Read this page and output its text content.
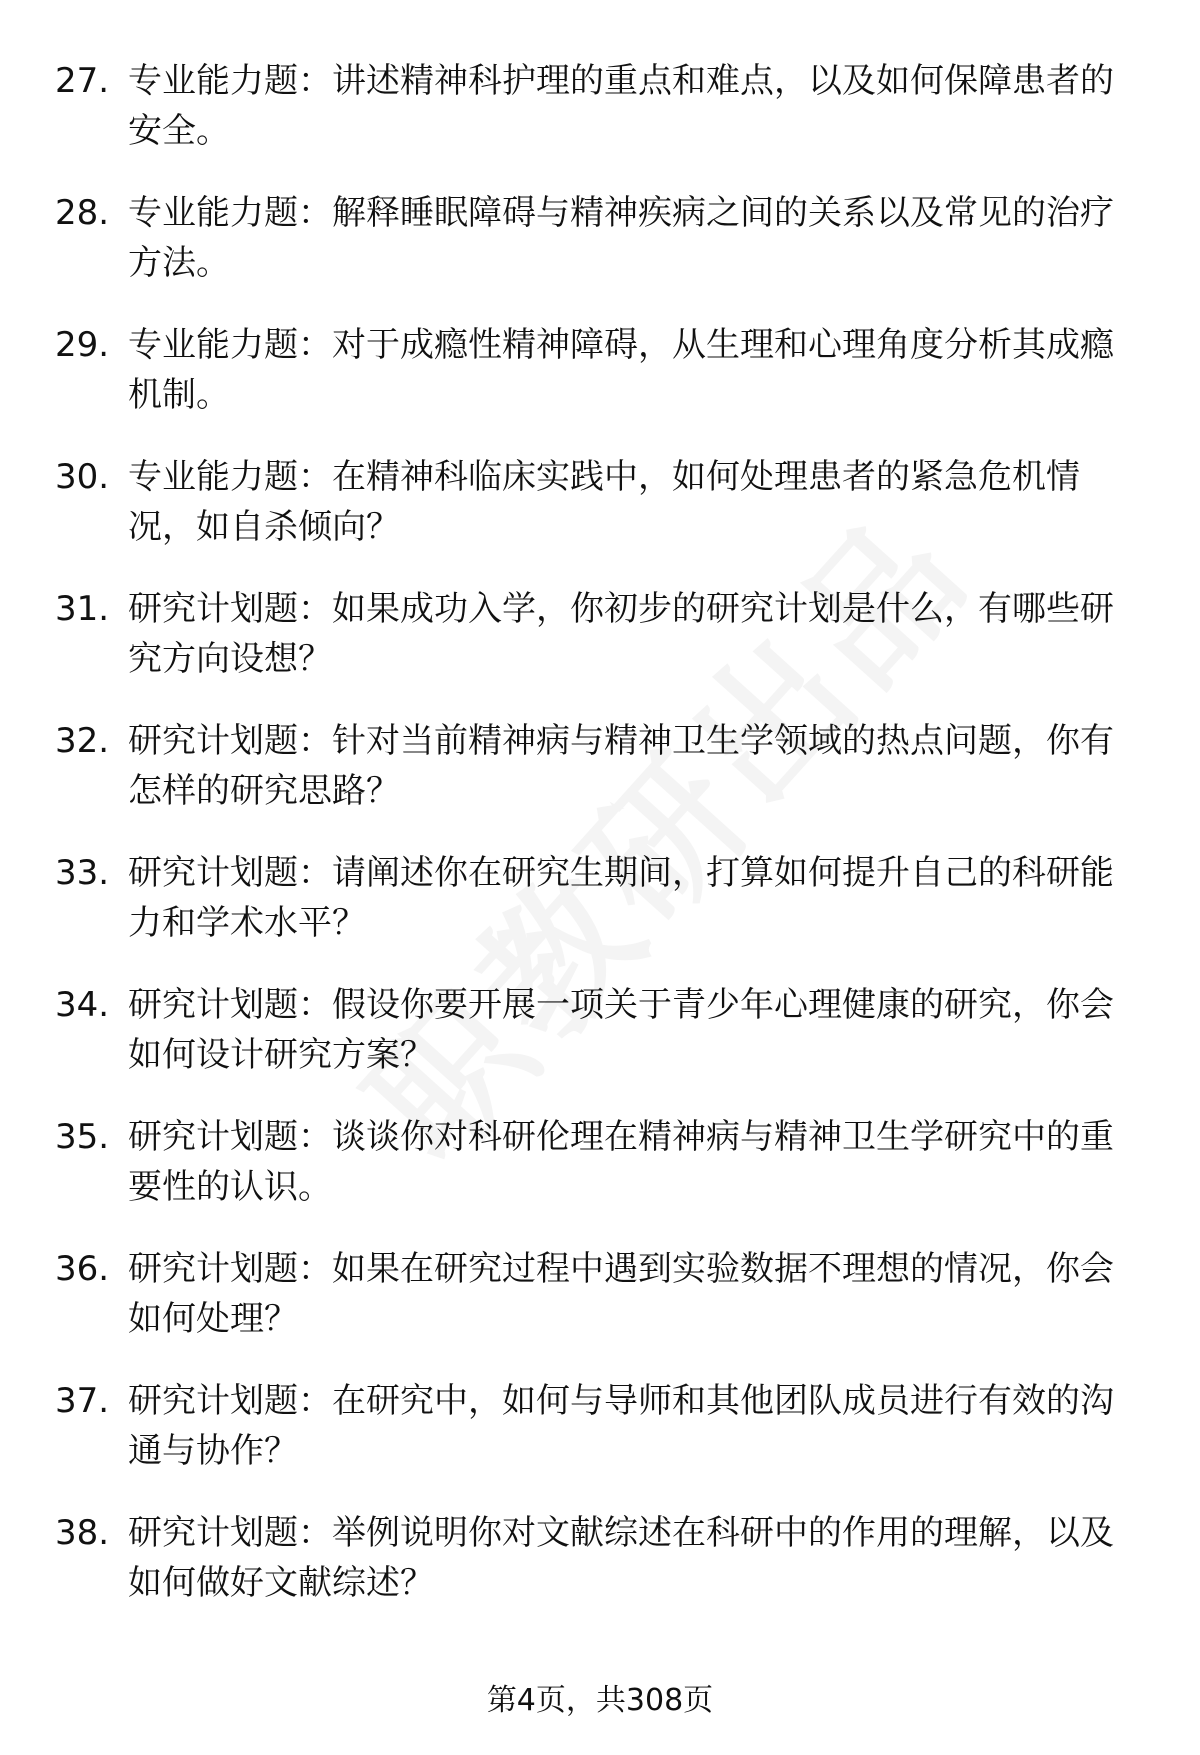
27. 专业能力题：讲述精神科护理的重点和难点，以及如何保障患者的安全。
28. 专业能力题：解释睡眠障碍与精神疾病之间的关系以及常见的治疗方法。
29. 专业能力题：对于成瘾性精神障碍，从生理和心理角度分析其成瘾机制。
30. 专业能力题：在精神科临床实践中，如何处理患者的紧急危机情况，如自杀倾向？
31. 研究计划题：如果成功入学，你初步的研究计划是什么，有哪些研究方向设想？
32. 研究计划题：针对当前精神病与精神卫生学领域的热点问题，你有怎样的研究思路？
33. 研究计划题：请阐述你在研究生期间，打算如何提升自己的科研能力和学术水平？
34. 研究计划题：假设你要开展一项关于青少年心理健康的研究，你会如何设计研究方案？
35. 研究计划题：谈谈你对科研伦理在精神病与精神卫生学研究中的重要性的认识。
36. 研究计划题：如果在研究过程中遇到实验数据不理想的情况，你会如何处理？
37. 研究计划题：在研究中，如何与导师和其他团队成员进行有效的沟通与协作？
38. 研究计划题：举例说明你对文献综述在科研中的作用的理解，以及如何做好文献综述？
第4页，共308页
